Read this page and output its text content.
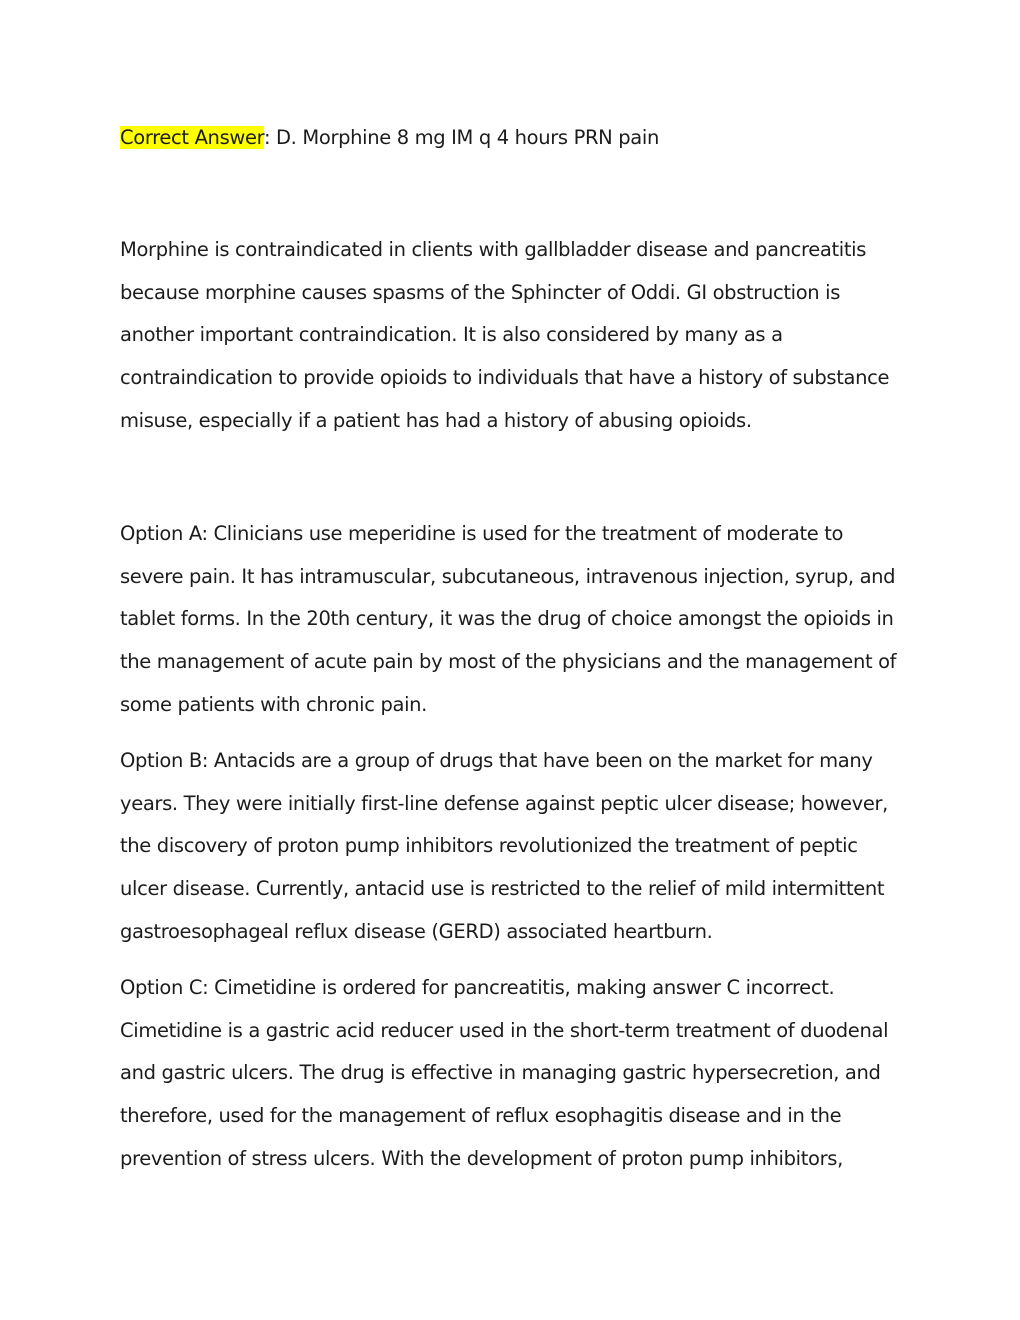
Correct Answer: D. Morphine 8 mg IM q 4 hours PRN pain

Morphine is contraindicated in clients with gallbladder disease and pancreatitis because morphine causes spasms of the Sphincter of Oddi. GI obstruction is another important contraindication. It is also considered by many as a contraindication to provide opioids to individuals that have a history of substance misuse, especially if a patient has had a history of abusing opioids.

Option A: Clinicians use meperidine is used for the treatment of moderate to severe pain. It has intramuscular, subcutaneous, intravenous injection, syrup, and tablet forms. In the 20th century, it was the drug of choice amongst the opioids in the management of acute pain by most of the physicians and the management of some patients with chronic pain.

Option B: Antacids are a group of drugs that have been on the market for many years. They were initially first-line defense against peptic ulcer disease; however, the discovery of proton pump inhibitors revolutionized the treatment of peptic ulcer disease. Currently, antacid use is restricted to the relief of mild intermittent gastroesophageal reflux disease (GERD) associated heartburn.

Option C: Cimetidine is ordered for pancreatitis, making answer C incorrect. Cimetidine is a gastric acid reducer used in the short-term treatment of duodenal and gastric ulcers. The drug is effective in managing gastric hypersecretion, and therefore, used for the management of reflux esophagitis disease and in the prevention of stress ulcers. With the development of proton pump inhibitors,
